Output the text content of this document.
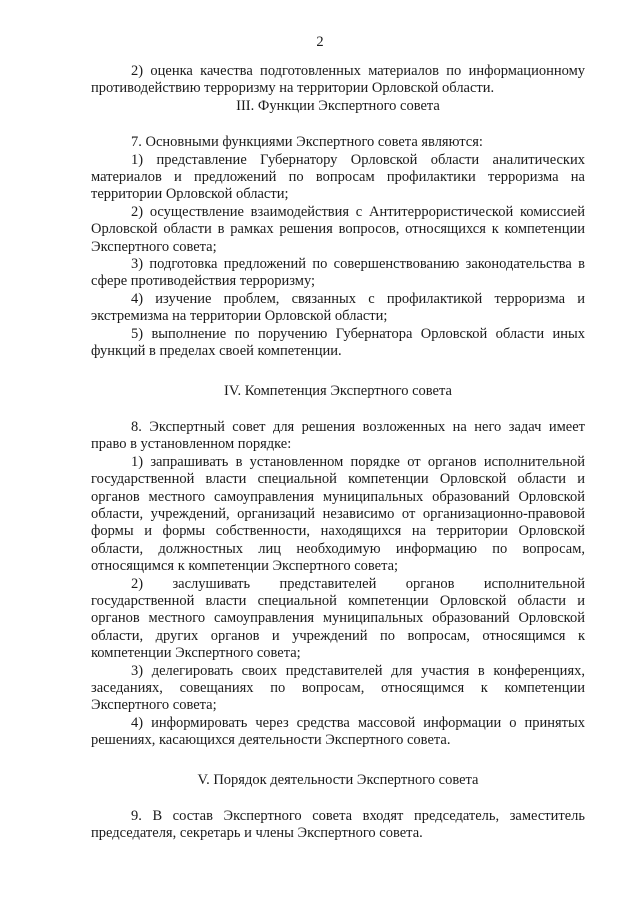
2

2) оценка качества подготовленных материалов по информационному противодействию терроризму на территории Орловской области.

III. Функции Экспертного совета

7. Основными функциями Экспертного совета являются:

1) представление Губернатору Орловской области аналитических материалов и предложений по вопросам профилактики терроризма на территории Орловской области;

2) осуществление взаимодействия с Антитеррористической комиссией Орловской области в рамках решения вопросов, относящихся к компетенции Экспертного совета;

3) подготовка предложений по совершенствованию законодательства в сфере противодействия терроризму;

4) изучение проблем, связанных с профилактикой терроризма и экстремизма на территории Орловской области;

5) выполнение по поручению Губернатора Орловской области иных функций в пределах своей компетенции.

IV. Компетенция Экспертного совета

8. Экспертный совет для решения возложенных на него задач имеет право в установленном порядке:

1) запрашивать в установленном порядке от органов исполнительной государственной власти специальной компетенции Орловской области и органов местного самоуправления муниципальных образований Орловской области, учреждений, организаций независимо от организационно-правовой формы и формы собственности, находящихся на территории Орловской области, должностных лиц необходимую информацию по вопросам, относящимся к компетенции Экспертного совета;

2) заслушивать представителей органов исполнительной государственной власти специальной компетенции Орловской области и органов местного самоуправления муниципальных образований Орловской области, других органов и учреждений по вопросам, относящимся к компетенции Экспертного совета;

3) делегировать своих представителей для участия в конференциях, заседаниях, совещаниях по вопросам, относящимся к компетенции Экспертного совета;

4) информировать через средства массовой информации о принятых решениях, касающихся деятельности Экспертного совета.

V. Порядок деятельности Экспертного совета

9. В состав Экспертного совета входят председатель, заместитель председателя, секретарь и члены Экспертного совета.
